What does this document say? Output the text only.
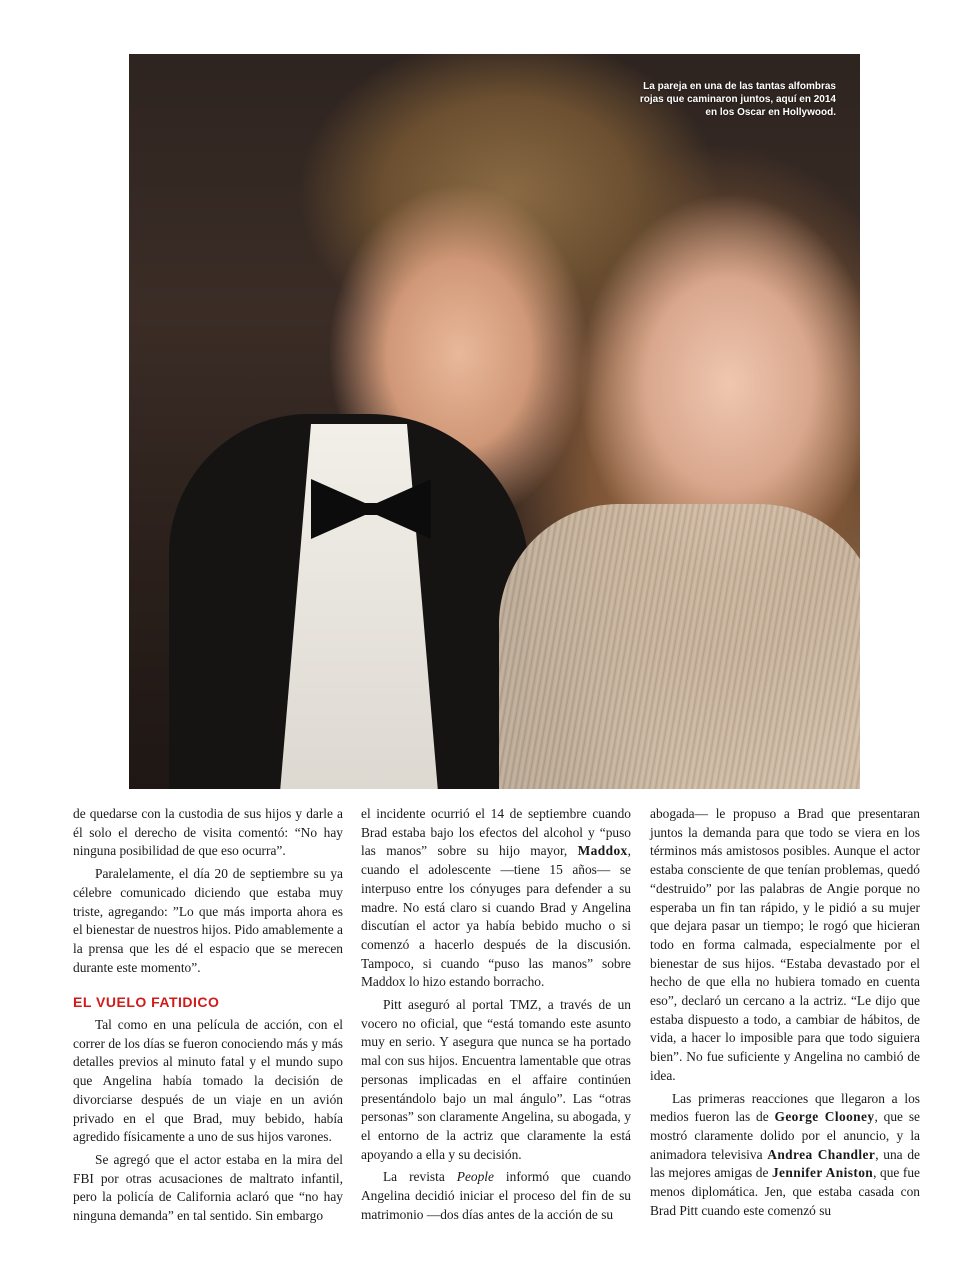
La pareja en una de las tantas alfombras rojas que caminaron juntos, aquí en 2014 en los Oscar en Hollywood.

de quedarse con la custodia de sus hijos y darle a él solo el derecho de visita comentó: “No hay ninguna posibilidad de que eso ocurra”.

Paralelamente, el día 20 de septiembre su ya célebre comunicado diciendo que estaba muy triste, agregando: ”Lo que más importa ahora es el bienestar de nuestros hijos. Pido amablemente a la prensa que les dé el espacio que se merecen durante este momento”.

EL VUELO FATIDICO

Tal como en una película de acción, con el correr de los días se fueron conociendo más y más detalles previos al minuto fatal y el mundo supo que Angelina había tomado la decisión de divorciarse después de un viaje en un avión privado en el que Brad, muy bebido, había agredido físicamente a uno de sus hijos varones.

Se agregó que el actor estaba en la mira del FBI por otras acusaciones de maltrato infantil, pero la policía de California aclaró que “no hay ninguna demanda” en tal sentido. Sin embargo

el incidente ocurrió el 14 de septiembre cuando Brad estaba bajo los efectos del alcohol y “puso las manos” sobre su hijo mayor, Maddox, cuando el adolescente —tiene 15 años— se interpuso entre los cónyuges para defender a su madre. No está claro si cuando Brad y Angelina discutían el actor ya había bebido mucho o si comenzó a hacerlo después de la discusión. Tampoco, si cuando “puso las manos” sobre Maddox lo hizo estando borracho.

Pitt aseguró al portal TMZ, a través de un vocero no oficial, que “está tomando este asunto muy en serio. Y asegura que nunca se ha portado mal con sus hijos. Encuentra lamentable que otras personas implicadas en el affaire continúen presentándolo bajo un mal ángulo”. Las “otras personas” son claramente Angelina, su abogada, y el entorno de la actriz que claramente la está apoyando a ella y su decisión.

La revista People informó que cuando Angelina decidió iniciar el proceso del fin de su matrimonio —dos días antes de la acción de su

abogada— le propuso a Brad que presentaran juntos la demanda para que todo se viera en los términos más amistosos posibles. Aunque el actor estaba consciente de que tenían problemas, quedó “destruido” por las palabras de Angie porque no esperaba un fin tan rápido, y le pidió a su mujer que dejara pasar un tiempo; le rogó que hicieran todo en forma calmada, especialmente por el bienestar de sus hijos. “Estaba devastado por el hecho de que ella no hubiera tomado en cuenta eso”, declaró un cercano a la actriz. “Le dijo que estaba dispuesto a todo, a cambiar de hábitos, de vida, a hacer lo imposible para que todo siguiera bien”. No fue suficiente y Angelina no cambió de idea.

Las primeras reacciones que llegaron a los medios fueron las de George Clooney, que se mostró claramente dolido por el anuncio, y la animadora televisiva Andrea Chandler, una de las mejores amigas de Jennifer Aniston, que fue menos diplomática. Jen, que estaba casada con Brad Pitt cuando este comenzó su
